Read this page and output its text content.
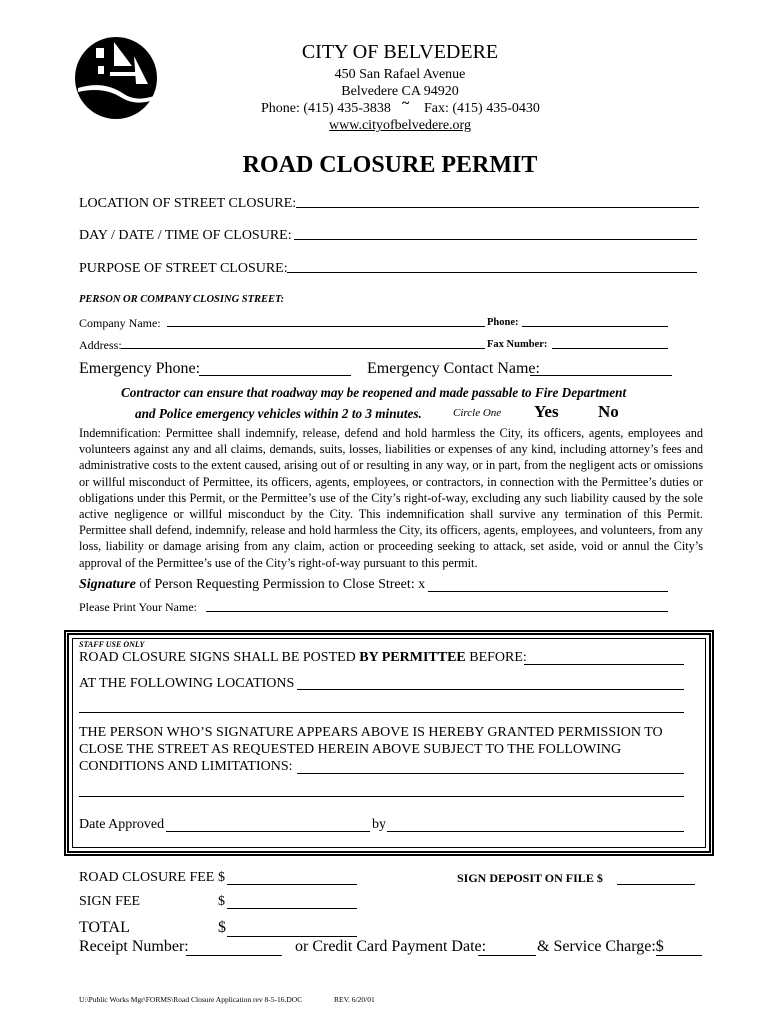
CITY OF BELVEDERE
450 San Rafael Avenue
Belvedere CA 94920
Phone: (415) 435-3838 ~ Fax: (415) 435-0430
www.cityofbelvedere.org
ROAD CLOSURE PERMIT
LOCATION OF STREET CLOSURE:
DAY / DATE / TIME OF CLOSURE:
PURPOSE OF STREET CLOSURE:
PERSON OR COMPANY CLOSING STREET:
Company Name:	Phone:
Address:	Fax Number:
Emergency Phone:	Emergency Contact Name:
Contractor can ensure that roadway may be reopened and made passable to Fire Department
and Police emergency vehicles within 2 to 3 minutes.	Circle One Yes No
Indemnification: Permittee shall indemnify, release, defend and hold harmless the City, its officers, agents, employees and volunteers against any and all claims, demands, suits, losses, liabilities or expenses of any kind, including attorney’s fees and administrative costs to the extent caused, arising out of or resulting in any way, or in part, from the negligent acts or omissions or willful misconduct of Permittee, its officers, agents, employees, or contractors, in connection with the Permittee’s duties or obligations under this Permit, or the Permittee’s use of the City’s right-of-way, excluding any such liability caused by the sole active negligence or willful misconduct by the City. This indemnification shall survive any termination of this Permit. Permittee shall defend, indemnify, release and hold harmless the City, its officers, agents, employees, and volunteers, from any loss, liability or damage arising from any claim, action or proceeding seeking to attack, set aside, void or annul the City’s approval of the Permittee’s use of the City’s right-of-way pursuant to this permit.
Signature of Person Requesting Permission to Close Street: x
Please Print Your Name:
STAFF USE ONLY
ROAD CLOSURE SIGNS SHALL BE POSTED BY PERMITTEE BEFORE:
AT THE FOLLOWING LOCATIONS
THE PERSON WHO’S SIGNATURE APPEARS ABOVE IS HEREBY GRANTED PERMISSION TO
CLOSE THE STREET AS REQUESTED HEREIN ABOVE SUBJECT TO THE FOLLOWING
CONDITIONS AND LIMITATIONS:
Date Approved	by
ROAD CLOSURE FEE $	SIGN DEPOSIT ON FILE $
SIGN FEE	$
TOTAL	$
Receipt Number:	or Credit Card Payment Date:	& Service Charge:$
U:\Public Works Mgr\FORMS\Road Closure Application rev 8-5-16.DOC	REV. 6/20/01
